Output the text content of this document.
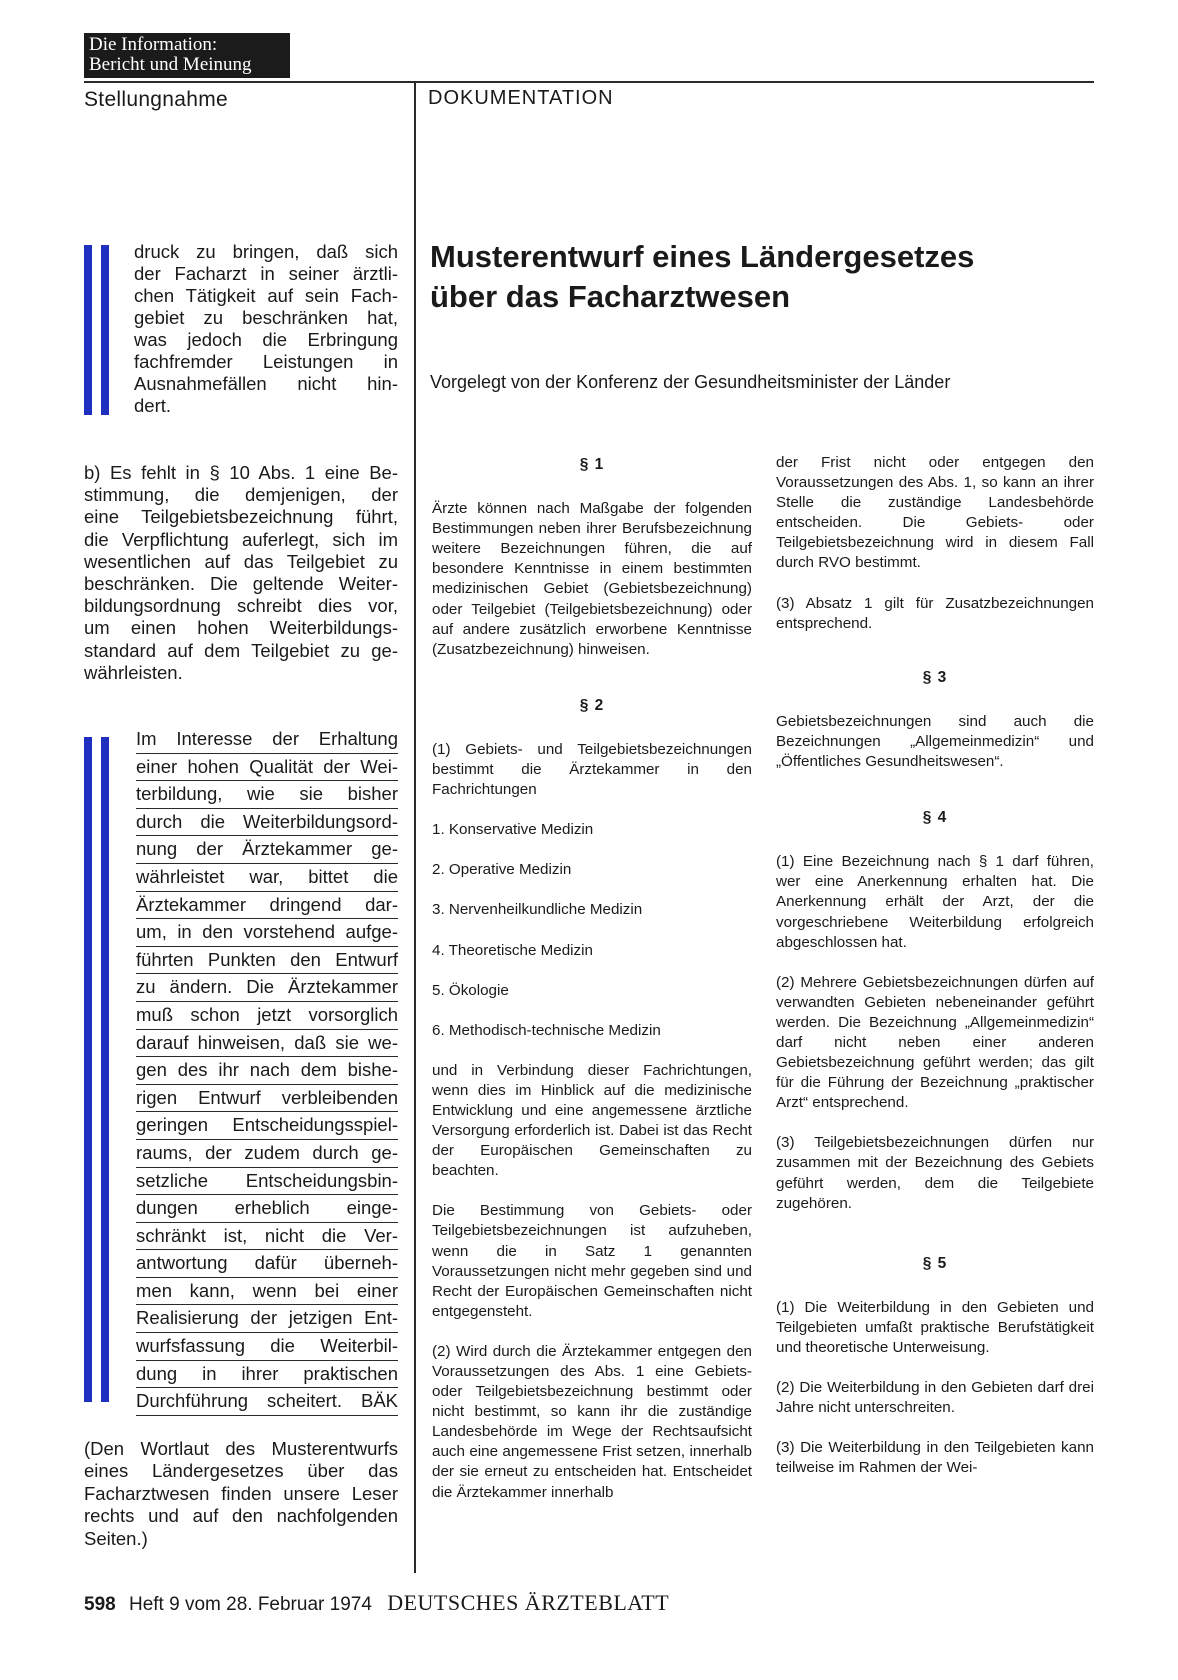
Die Information:
Bericht und Meinung
Stellungnahme	DOKUMENTATION
druck zu bringen, daß sich
der Facharzt in seiner ärztli-
chen Tätigkeit auf sein Fach-
gebiet zu beschränken hat,
was jedoch die Erbringung
fachfremder Leistungen in
Ausnahmefällen nicht hin-
dert.
b) Es fehlt in § 10 Abs. 1 eine Be-
stimmung, die demjenigen, der
eine Teilgebietsbezeichnung führt,
die Verpflichtung auferlegt, sich im
wesentlichen auf das Teilgebiet zu
beschränken. Die geltende Weiter-
bildungsordnung schreibt dies vor,
um einen hohen Weiterbildungs-
standard auf dem Teilgebiet zu ge-
währleisten.
Im Interesse der Erhaltung
einer hohen Qualität der Wei-
terbildung, wie sie bisher
durch die Weiterbildungsord-
nung der Ärztekammer ge-
währleistet war, bittet die
Ärztekammer dringend dar-
um, in den vorstehend aufge-
führten Punkten den Entwurf
zu ändern. Die Ärztekammer
muß schon jetzt vorsorglich
darauf hinweisen, daß sie we-
gen des ihr nach dem bishe-
rigen Entwurf verbleibenden
geringen Entscheidungsspiel-
raums, der zudem durch ge-
setzliche Entscheidungsbin-
dungen erheblich einge-
schränkt ist, nicht die Ver-
antwortung dafür überneh-
men kann, wenn bei einer
Realisierung der jetzigen Ent-
wurfsfassung die Weiterbil-
dung in ihrer praktischen
Durchführung scheitert. BÄK
(Den Wortlaut des Musterentwurfs
eines Ländergesetzes über das
Facharztwesen finden unsere Leser
rechts und auf den nachfolgenden
Seiten.)
Musterentwurf eines Ländergesetzes
über das Facharztwesen
Vorgelegt von der Konferenz der Gesundheitsminister der Länder

§ 1

Ärzte können nach Maßgabe der folgenden Bestimmungen neben ihrer Berufsbezeichnung weitere Bezeichnungen führen, die auf besondere Kenntnisse in einem bestimmten medizinischen Gebiet (Gebietsbezeichnung) oder Teilgebiet (Teilgebietsbezeichnung) oder auf andere zusätzlich erworbene Kenntnisse (Zusatzbezeichnung) hinweisen.

§ 2

(1) Gebiets- und Teilgebietsbezeichnungen bestimmt die Ärztekammer in den Fachrichtungen

1. Konservative Medizin

2. Operative Medizin

3. Nervenheilkundliche Medizin

4. Theoretische Medizin

5. Ökologie

6. Methodisch-technische Medizin

und in Verbindung dieser Fachrichtungen, wenn dies im Hinblick auf die medizinische Entwicklung und eine angemessene ärztliche Versorgung erforderlich ist. Dabei ist das Recht der Europäischen Gemeinschaften zu beachten.

Die Bestimmung von Gebiets- oder Teilgebietsbezeichnungen ist aufzuheben, wenn die in Satz 1 genannten Voraussetzungen nicht mehr gegeben sind und Recht der Europäischen Gemeinschaften nicht entgegensteht.

(2) Wird durch die Ärztekammer entgegen den Voraussetzungen des Abs. 1 eine Gebiets- oder Teilgebietsbezeichnung bestimmt oder nicht bestimmt, so kann ihr die zuständige Landesbehörde im Wege der Rechtsaufsicht auch eine angemessene Frist setzen, innerhalb der sie erneut zu entscheiden hat. Entscheidet die Ärztekammer innerhalb

der Frist nicht oder entgegen den Voraussetzungen des Abs. 1, so kann an ihrer Stelle die zuständige Landesbehörde entscheiden. Die Gebiets- oder Teilgebietsbezeichnung wird in diesem Fall durch RVO bestimmt.

(3) Absatz 1 gilt für Zusatzbezeichnungen entsprechend.

§ 3

Gebietsbezeichnungen sind auch die Bezeichnungen „Allgemeinmedizin“ und „Öffentliches Gesundheitswesen“.

§ 4

(1) Eine Bezeichnung nach § 1 darf führen, wer eine Anerkennung erhalten hat. Die Anerkennung erhält der Arzt, der die vorgeschriebene Weiterbildung erfolgreich abgeschlossen hat.

(2) Mehrere Gebietsbezeichnungen dürfen auf verwandten Gebieten nebeneinander geführt werden. Die Bezeichnung „Allgemeinmedizin“ darf nicht neben einer anderen Gebietsbezeichnung geführt werden; das gilt für die Führung der Bezeichnung „praktischer Arzt“ entsprechend.

(3) Teilgebietsbezeichnungen dürfen nur zusammen mit der Bezeichnung des Gebiets geführt werden, dem die Teilgebiete zugehören.

§ 5

(1) Die Weiterbildung in den Gebieten und Teilgebieten umfaßt praktische Berufstätigkeit und theoretische Unterweisung.

(2) Die Weiterbildung in den Gebieten darf drei Jahre nicht unterschreiten.

(3) Die Weiterbildung in den Teilgebieten kann teilweise im Rahmen der Wei-

598 Heft 9 vom 28. Februar 1974 DEUTSCHES ÄRZTEBLATT
